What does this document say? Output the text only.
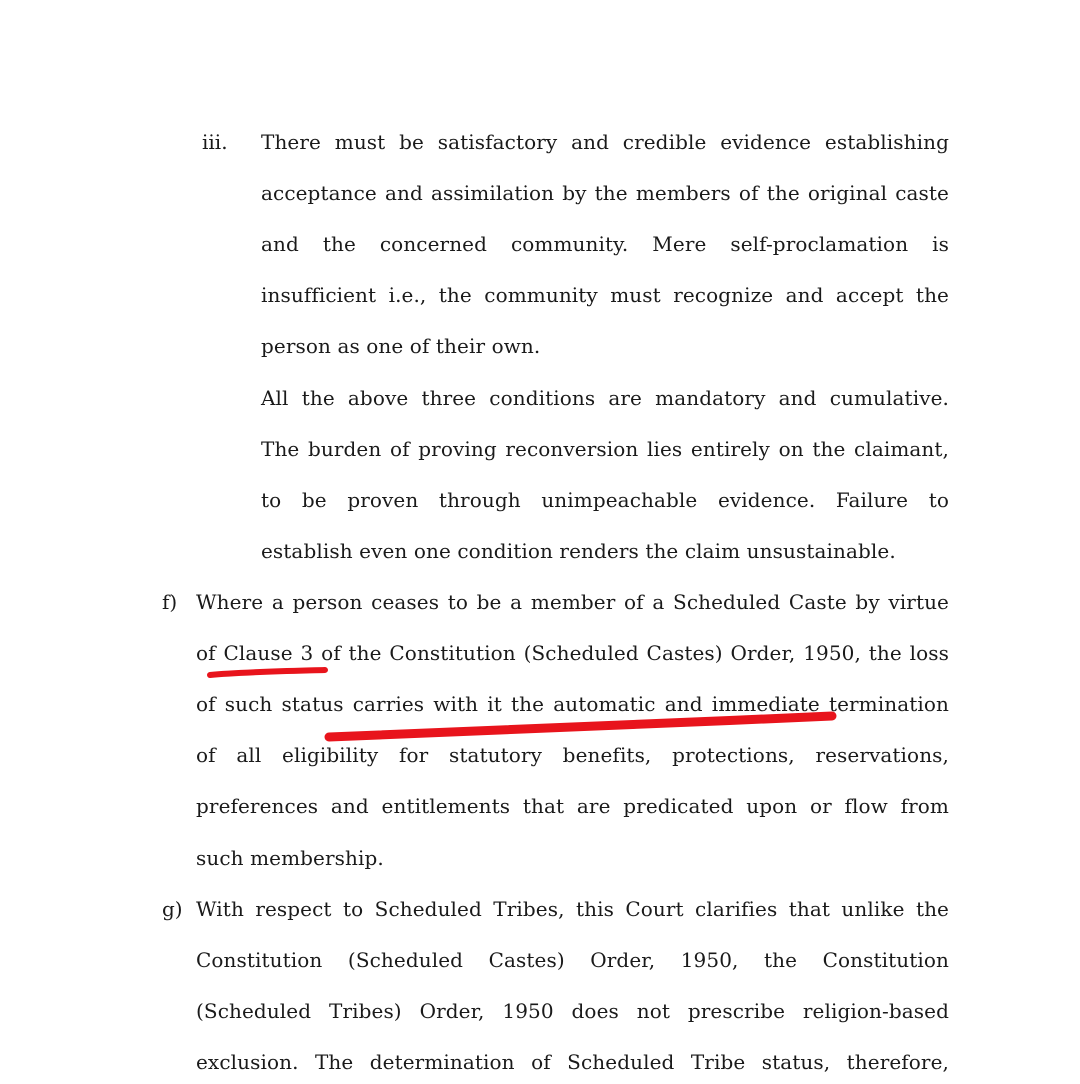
iii. There must be satisfactory and credible evidence establishing
acceptance and assimilation by the members of the original caste
and the concerned community. Mere self-proclamation is
insufficient i.e., the community must recognize and accept the
person as one of their own.
All the above three conditions are mandatory and cumulative.
The burden of proving reconversion lies entirely on the claimant,
to be proven through unimpeachable evidence. Failure to
establish even one condition renders the claim unsustainable.
f) Where a person ceases to be a member of a Scheduled Caste by virtue
of Clause 3 of the Constitution (Scheduled Castes) Order, 1950, the loss
of such status carries with it the automatic and immediate termination
of all eligibility for statutory benefits, protections, reservations,
preferences and entitlements that are predicated upon or flow from
such membership.
g) With respect to Scheduled Tribes, this Court clarifies that unlike the
Constitution (Scheduled Castes) Order, 1950, the Constitution
(Scheduled Tribes) Order, 1950 does not prescribe religion-based
exclusion. The determination of Scheduled Tribe status, therefore,
